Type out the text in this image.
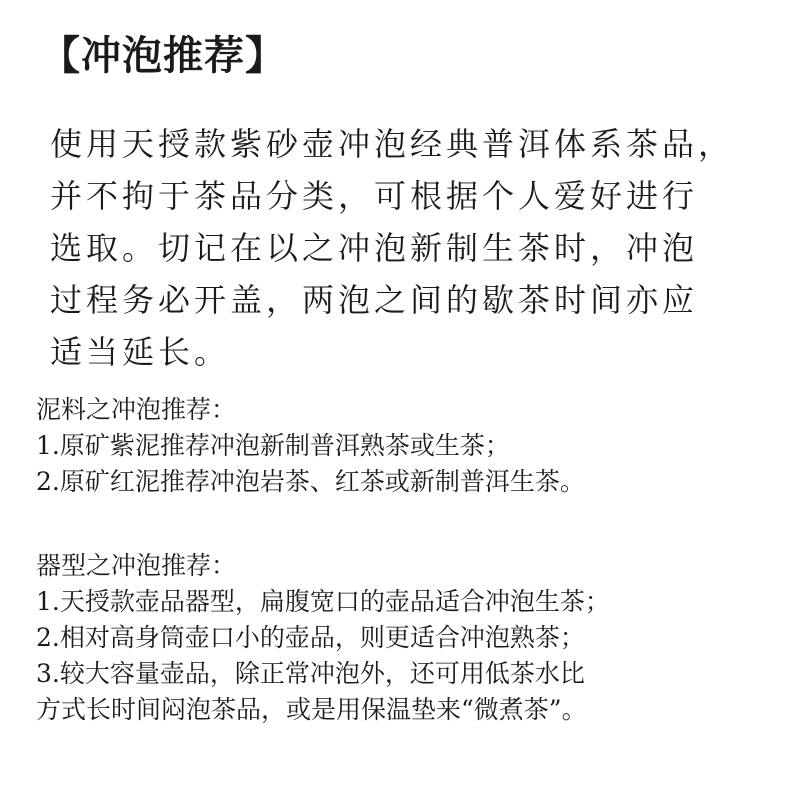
【冲泡推荐】
使用天授款紫砂壶冲泡经典普洱体系茶品，
并不拘于茶品分类，可根据个人爱好进行
选取。切记在以之冲泡新制生茶时，冲泡
过程务必开盖，两泡之间的歇茶时间亦应
适当延长。
泥料之冲泡推荐：
1.原矿紫泥推荐冲泡新制普洱熟茶或生茶；
2.原矿红泥推荐冲泡岩茶、红茶或新制普洱生茶。
器型之冲泡推荐：
1.天授款壶品器型，扁腹宽口的壶品适合冲泡生茶；
2.相对高身筒壶口小的壶品，则更适合冲泡熟茶；
3.较大容量壶品，除正常冲泡外，还可用低茶水比
方式长时间闷泡茶品，或是用保温垫来“微煮茶”。
